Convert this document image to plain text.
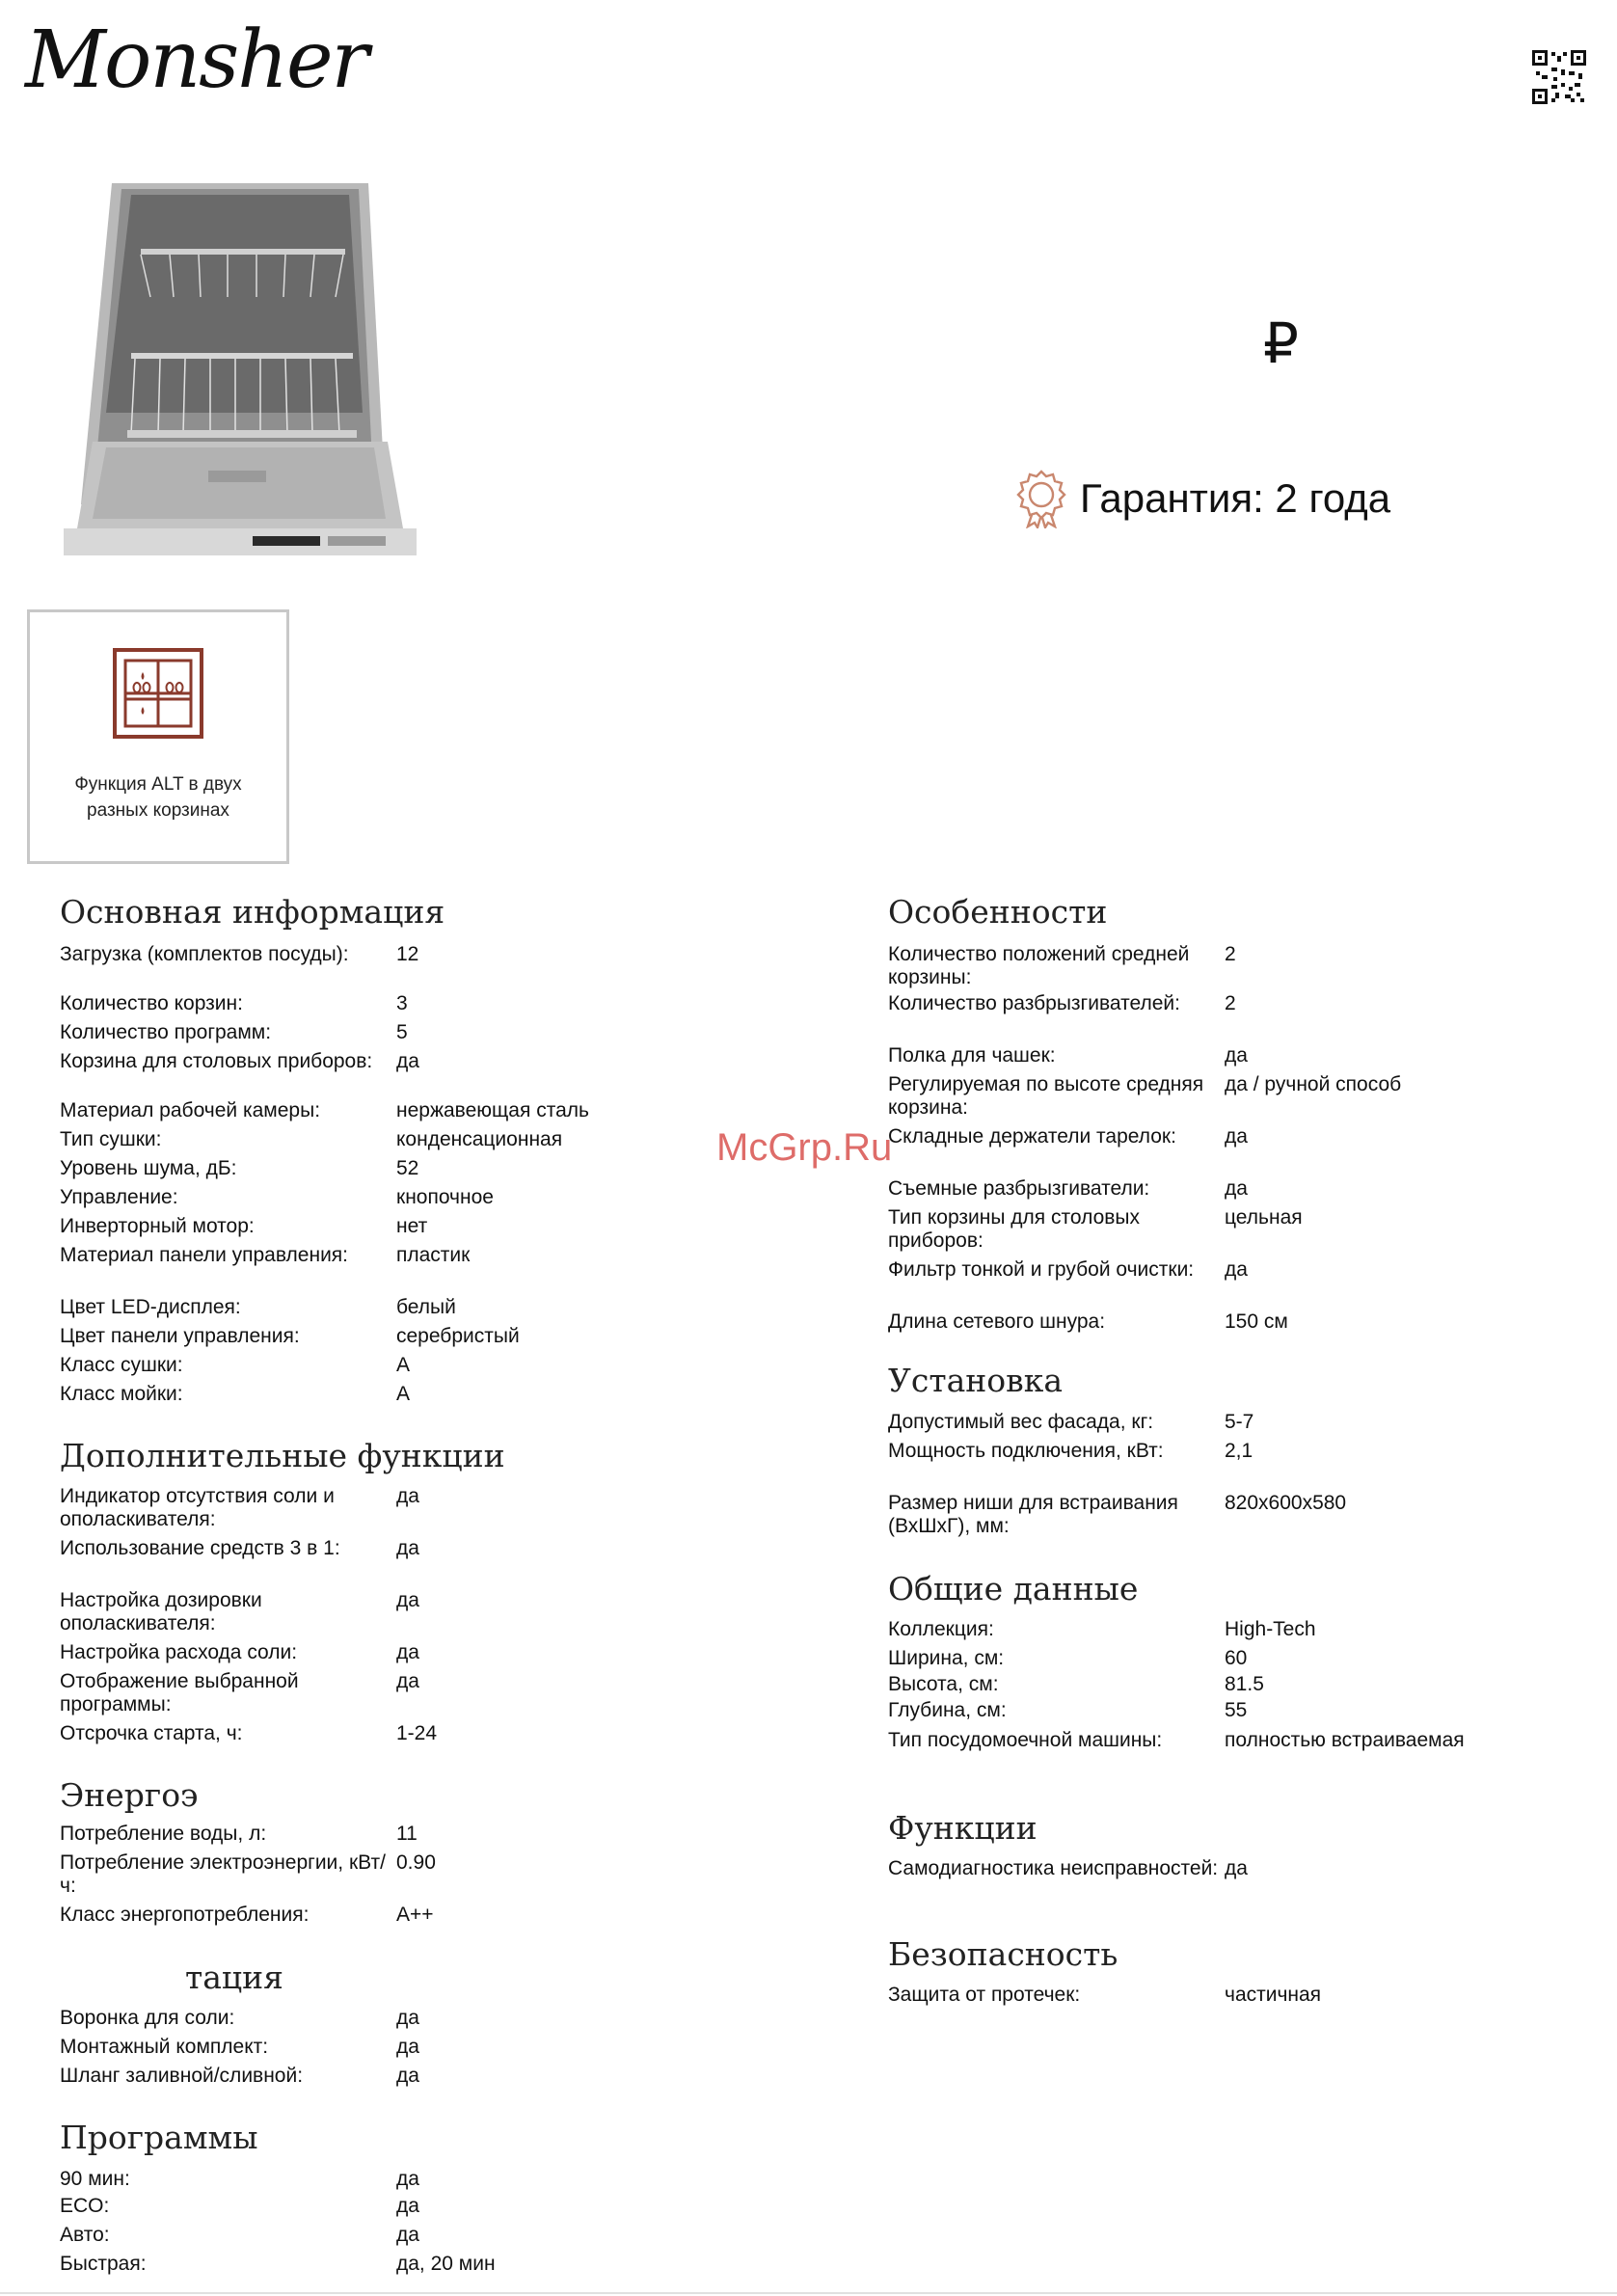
Monsher
₽
Гарантия: 2 года
Функция ALT в двух разных корзинах
McGrp.Ru
Основная информация
Загрузка (комплектов посуды):	12
Количество корзин:	3
Количество программ:	5
Корзина для столовых приборов:	да
Материал рабочей камеры:	нержавеющая сталь
Тип сушки:	конденсационная
Уровень шума, дБ:	52
Управление:	кнопочное
Инверторный мотор:	нет
Материал панели управления:	пластик
Цвет LED-дисплея:	белый
Цвет панели управления:	серебристый
Класс сушки:	A
Класс мойки:	A
Дополнительные функции
Индикатор отсутствия соли и ополаскивателя:
да
Использование средств 3 в 1:	да
Настройка дозировки ополаскивателя:
да
Настройка расхода соли:	да
Отображение выбранной программы:
да
Отсрочка старта, ч:	1-24
Энергоэ
Потребление воды, л:	11
Потребление электроэнергии, кВт/ч:
0.90
Класс энергопотребления:	A++
тация
Воронка для соли:	да
Монтажный комплект:	да
Шланг заливной/сливной:	да
Программы
90 мин:	да
ECO:	да
Авто:	да
Быстрая:	да, 20 мин
Особенности
Количество положений средней корзины:
2
Количество разбрызгивателей:	2
Полка для чашек:	да
Регулируемая по высоте средняя корзина:
да / ручной способ
Складные держатели тарелок:	да
Съемные разбрызгиватели:	да
Тип корзины для столовых приборов:
цельная
Фильтр тонкой и грубой очистки:	да
Длина сетевого шнура:	150 см
Установка
Допустимый вес фасада, кг:	5-7
Мощность подключения, кВт:	2,1
Размер ниши для встраивания (ВхШхГ), мм:
820x600x580
Общие данные
Коллекция:	High-Tech
Ширина, см:	60
Высота, см:	81.5
Глубина, см:	55
Тип посудомоечной машины:	полностью встраиваемая
Функции
Самодиагностика неисправностей: да
Безопасность
Защита от протечек:	частичная
